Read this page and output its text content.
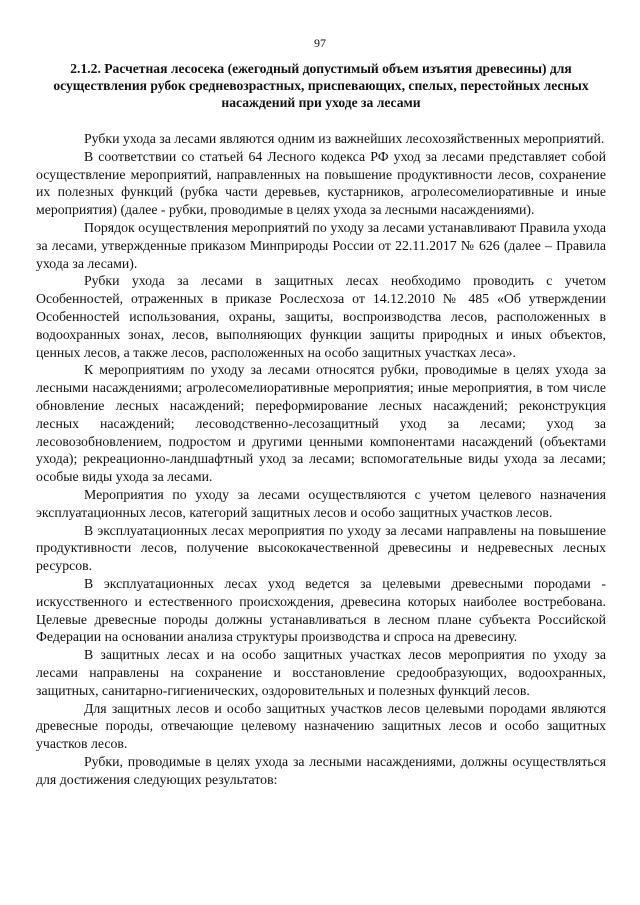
97
2.1.2. Расчетная лесосека (ежегодный допустимый объем изъятия древесины) для осуществления рубок средневозрастных, приспевающих, спелых, перестойных лесных насаждений при уходе за лесами

Рубки ухода за лесами являются одним из важнейших лесохозяйственных мероприятий.

В соответствии со статьей 64 Лесного кодекса РФ уход за лесами представляет собой осуществление мероприятий, направленных на повышение продуктивности лесов, сохранение их полезных функций (рубка части деревьев, кустарников, агролесомелиоративные и иные мероприятия) (далее - рубки, проводимые в целях ухода за лесными насаждениями).

Порядок осуществления мероприятий по уходу за лесами устанавливают Правила ухода за лесами, утвержденные приказом Минприроды России от 22.11.2017 № 626 (далее – Правила ухода за лесами).

Рубки ухода за лесами в защитных лесах необходимо проводить с учетом Особенностей, отраженных в приказе Рослесхоза от 14.12.2010 № 485 «Об утверждении Особенностей использования, охраны, защиты, воспроизводства лесов, расположенных в водоохранных зонах, лесов, выполняющих функции защиты природных и иных объектов, ценных лесов, а также лесов, расположенных на особо защитных участках леса».

К мероприятиям по уходу за лесами относятся рубки, проводимые в целях ухода за лесными насаждениями; агролесомелиоративные мероприятия; иные мероприятия, в том числе обновление лесных насаждений; переформирование лесных насаждений; реконструкция лесных насаждений; лесоводственно-лесозащитный уход за лесами; уход за лесовозобновлением, подростом и другими ценными компонентами насаждений (объектами ухода); рекреационно-ландшафтный уход за лесами; вспомогательные виды ухода за лесами; особые виды ухода за лесами.

Мероприятия по уходу за лесами осуществляются с учетом целевого назначения эксплуатационных лесов, категорий защитных лесов и особо защитных участков лесов.

В эксплуатационных лесах мероприятия по уходу за лесами направлены на повышение продуктивности лесов, получение высококачественной древесины и недревесных лесных ресурсов.

В эксплуатационных лесах уход ведется за целевыми древесными породами - искусственного и естественного происхождения, древесина которых наиболее востребована. Целевые древесные породы должны устанавливаться в лесном плане субъекта Российской Федерации на основании анализа структуры производства и спроса на древесину.

В защитных лесах и на особо защитных участках лесов мероприятия по уходу за лесами направлены на сохранение и восстановление средообразующих, водоохранных, защитных, санитарно-гигиенических, оздоровительных и полезных функций лесов.

Для защитных лесов и особо защитных участков лесов целевыми породами являются древесные породы, отвечающие целевому назначению защитных лесов и особо защитных участков лесов.

Рубки, проводимые в целях ухода за лесными насаждениями, должны осуществляться для достижения следующих результатов:
